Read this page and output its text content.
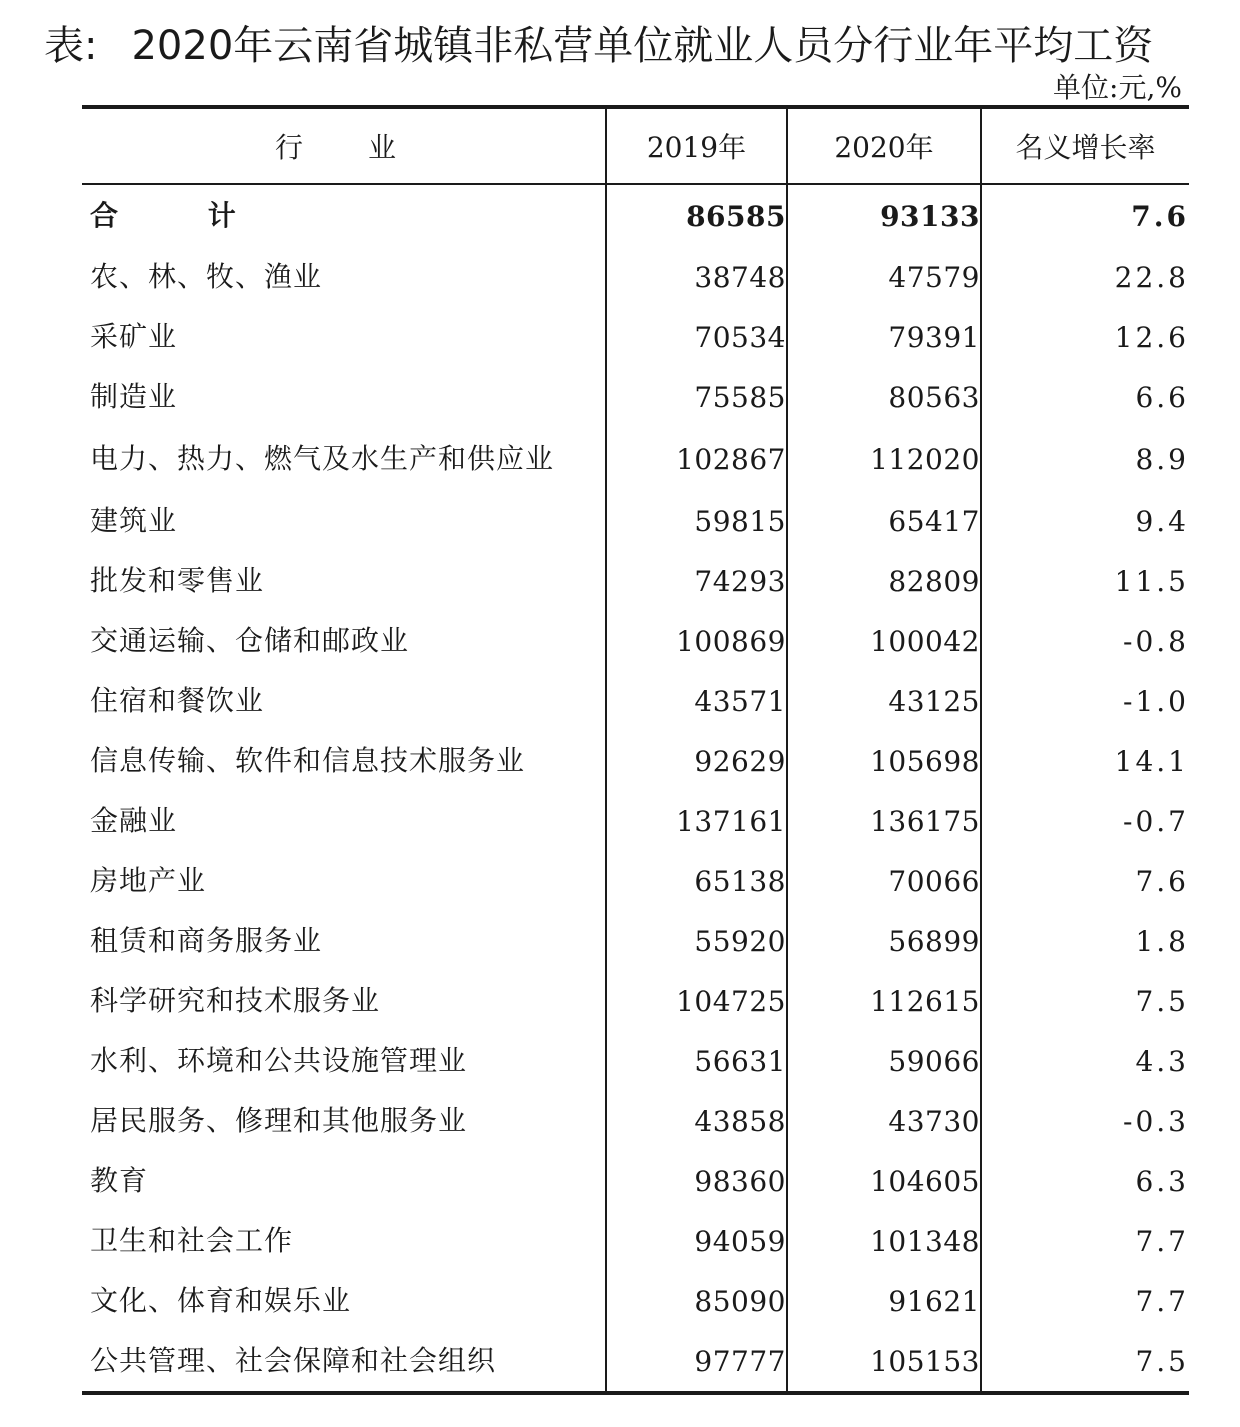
表: 2020年云南省城镇非私营单位就业人员分行业年平均工资
单位:元,%
行 业	2019年	2020年	名义增长率
合 计	86585	93133	7.6
农、林、牧、渔业	38748	47579	22.8
采矿业	70534	79391	12.6
制造业	75585	80563	6.6
电力、热力、燃气及水生产和供应业	102867	112020	8.9
建筑业	59815	65417	9.4
批发和零售业	74293	82809	11.5
交通运输、仓储和邮政业	100869	100042	-0.8
住宿和餐饮业	43571	43125	-1.0
信息传输、软件和信息技术服务业	92629	105698	14.1
金融业	137161	136175	-0.7
房地产业	65138	70066	7.6
租赁和商务服务业	55920	56899	1.8
科学研究和技术服务业	104725	112615	7.5
水利、环境和公共设施管理业	56631	59066	4.3
居民服务、修理和其他服务业	43858	43730	-0.3
教育	98360	104605	6.3
卫生和社会工作	94059	101348	7.7
文化、体育和娱乐业	85090	91621	7.7
公共管理、社会保障和社会组织	97777	105153	7.5
